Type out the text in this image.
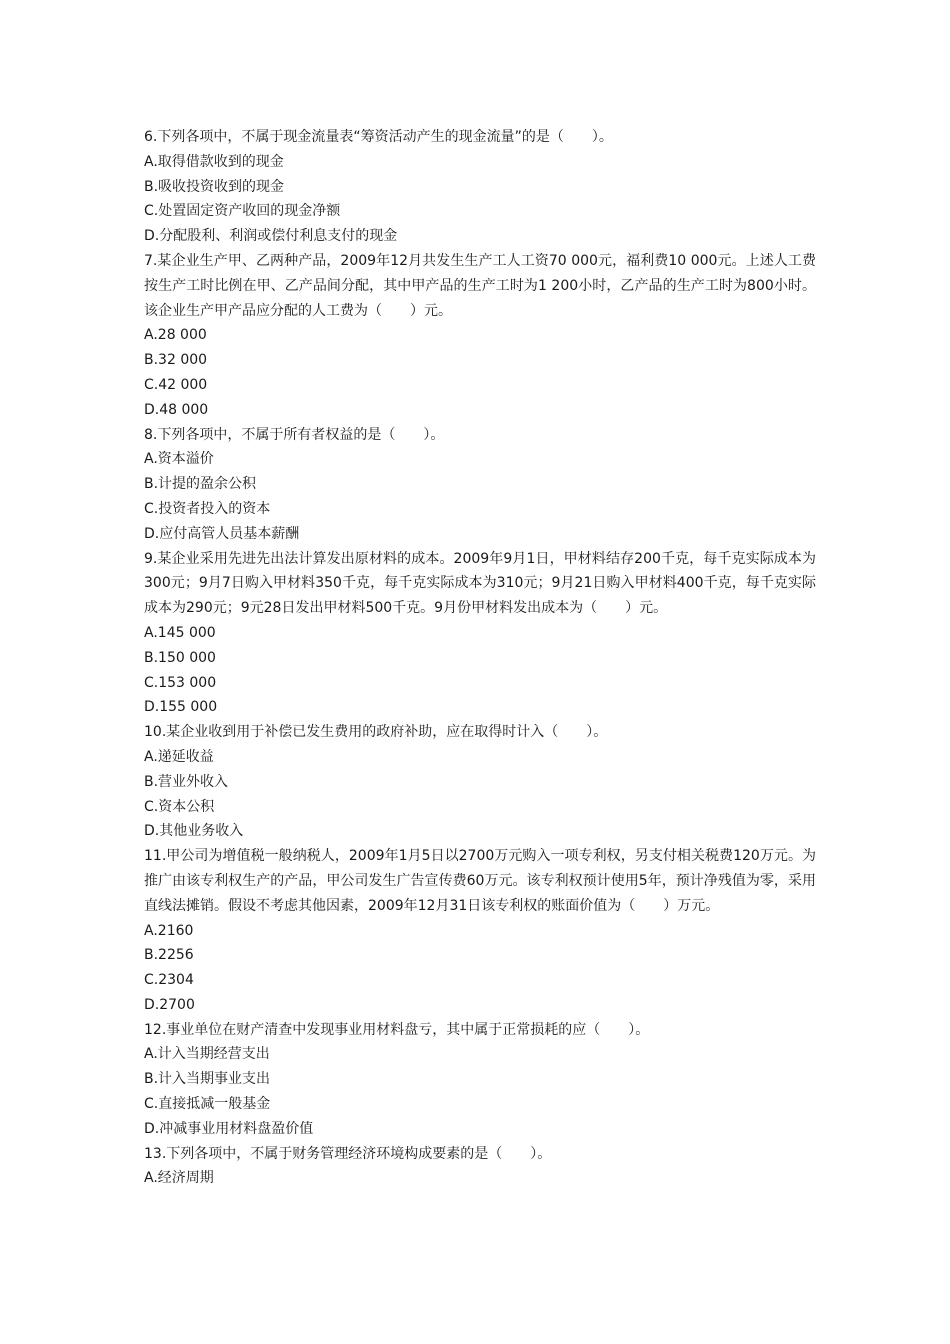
6.下列各项中，不属于现金流量表“筹资活动产生的现金流量”的是（　　）。

A.取得借款收到的现金

B.吸收投资收到的现金

C.处置固定资产收回的现金净额

D.分配股利、利润或偿付利息支付的现金

7.某企业生产甲、乙两种产品，2009年12月共发生生产工人工资70 000元，福利费10 000元。上述人工费按生产工时比例在甲、乙产品间分配，其中甲产品的生产工时为1 200小时，乙产品的生产工时为800小时。该企业生产甲产品应分配的人工费为（　　）元。

A.28 000

B.32 000

C.42 000

D.48 000

8.下列各项中，不属于所有者权益的是（　　）。

A.资本溢价

B.计提的盈余公积

C.投资者投入的资本

D.应付高管人员基本薪酬

9.某企业采用先进先出法计算发出原材料的成本。2009年9月1日，甲材料结存200千克，每千克实际成本为300元；9月7日购入甲材料350千克，每千克实际成本为310元；9月21日购入甲材料400千克，每千克实际成本为290元；9元28日发出甲材料500千克。9月份甲材料发出成本为（　　）元。

A.145 000

B.150 000

C.153 000

D.155 000

10.某企业收到用于补偿已发生费用的政府补助，应在取得时计入（　　）。

A.递延收益

B.营业外收入

C.资本公积

D.其他业务收入

11.甲公司为增值税一般纳税人，2009年1月5日以2700万元购入一项专利权，另支付相关税费120万元。为推广由该专利权生产的产品，甲公司发生广告宣传费60万元。该专利权预计使用5年，预计净残值为零，采用直线法摊销。假设不考虑其他因素，2009年12月31日该专利权的账面价值为（　　）万元。

A.2160

B.2256

C.2304

D.2700

12.事业单位在财产清查中发现事业用材料盘亏，其中属于正常损耗的应（　　）。

A.计入当期经营支出

B.计入当期事业支出

C.直接抵减一般基金

D.冲减事业用材料盘盈价值

13.下列各项中，不属于财务管理经济环境构成要素的是（　　）。

A.经济周期
